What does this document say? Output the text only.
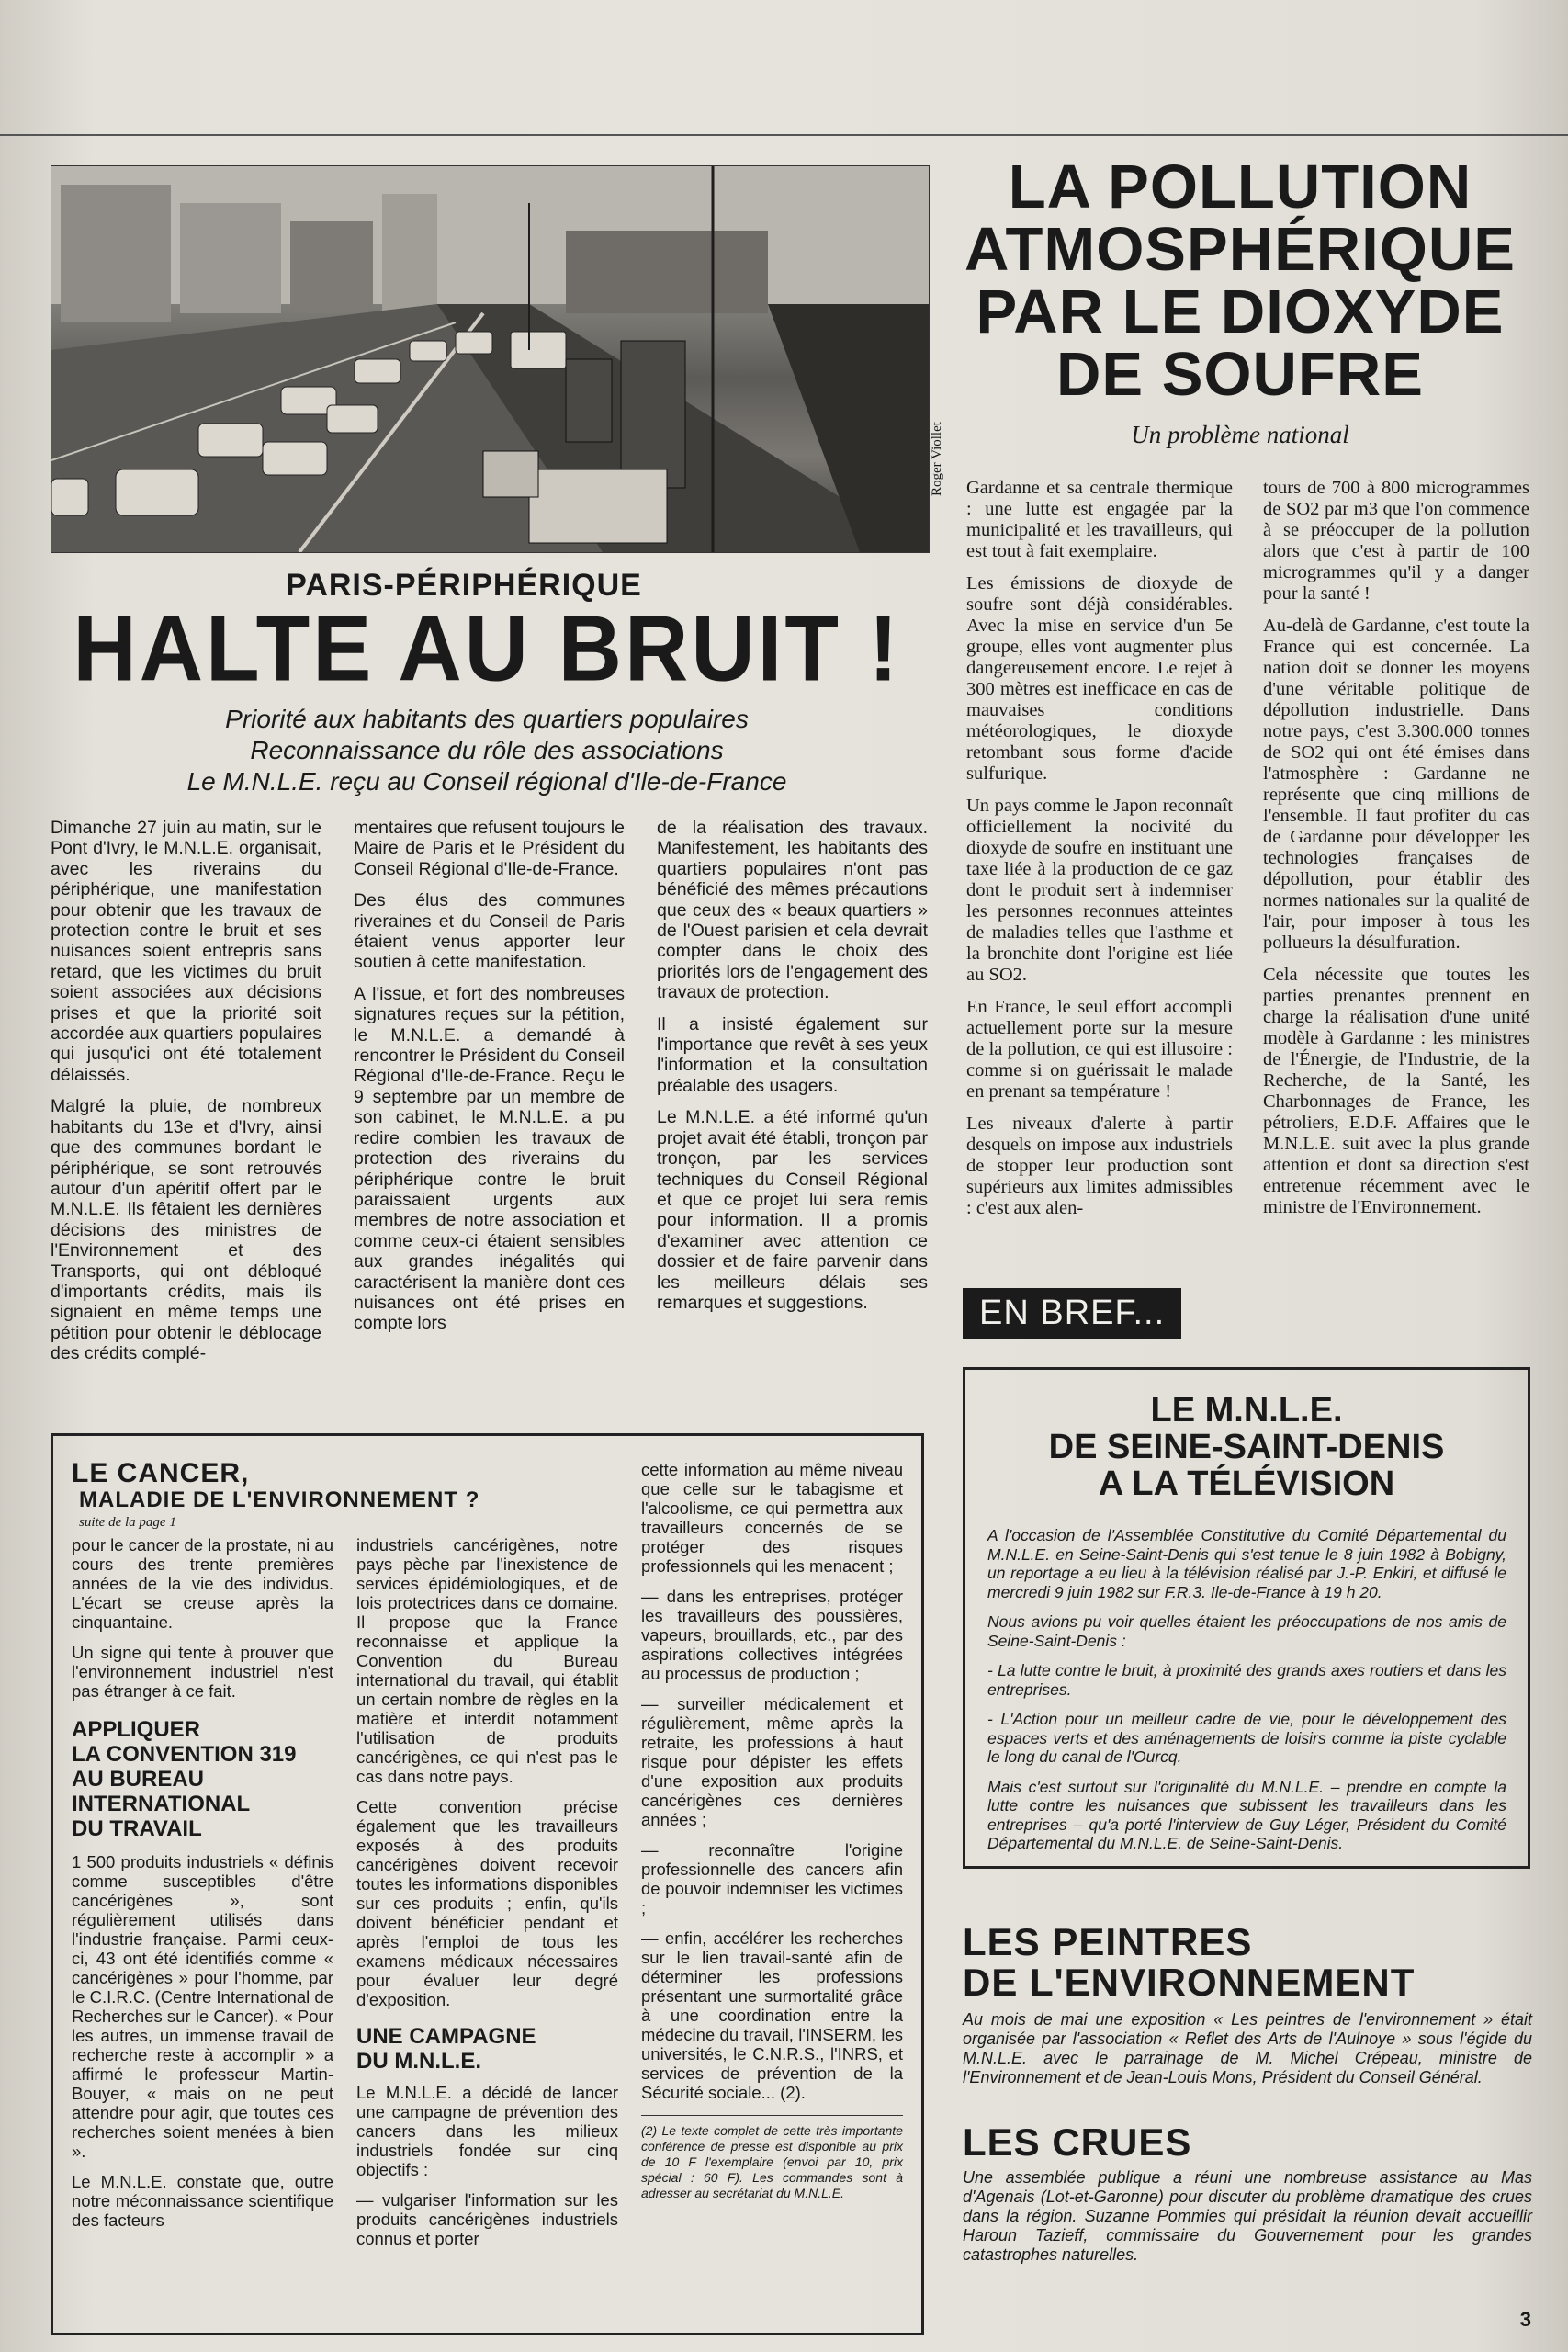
Roger Viollet
PARIS-PÉRIPHÉRIQUE
HALTE AU BRUIT !
Priorité aux habitants des quartiers populaires
Reconnaissance du rôle des associations
Le M.N.L.E. reçu au Conseil régional d'Ile-de-France

Dimanche 27 juin au matin, sur le Pont d'Ivry, le M.N.L.E. organisait, avec les riverains du périphérique, une manifestation pour obtenir que les travaux de protection contre le bruit et ses nuisances soient entrepris sans retard, que les victimes du bruit soient associées aux décisions prises et que la priorité soit accordée aux quartiers populaires qui jusqu'ici ont été totalement délaissés.

Malgré la pluie, de nombreux habitants du 13e et d'Ivry, ainsi que des communes bordant le périphérique, se sont retrouvés autour d'un apéritif offert par le M.N.L.E. Ils fêtaient les dernières décisions des ministres de l'Environnement et des Transports, qui ont débloqué d'importants crédits, mais ils signaient en même temps une pétition pour obtenir le déblocage des crédits complé-

mentaires que refusent toujours le Maire de Paris et le Président du Conseil Régional d'Ile-de-France.

Des élus des communes riveraines et du Conseil de Paris étaient venus apporter leur soutien à cette manifestation.

A l'issue, et fort des nombreuses signatures reçues sur la pétition, le M.N.L.E. a demandé à rencontrer le Président du Conseil Régional d'Ile-de-France. Reçu le 9 septembre par un membre de son cabinet, le M.N.L.E. a pu redire combien les travaux de protection des riverains du périphérique contre le bruit paraissaient urgents aux membres de notre association et comme ceux-ci étaient sensibles aux grandes inégalités qui caractérisent la manière dont ces nuisances ont été prises en compte lors

de la réalisation des travaux. Manifestement, les habitants des quartiers populaires n'ont pas bénéficié des mêmes précautions que ceux des « beaux quartiers » de l'Ouest parisien et cela devrait compter dans le choix des priorités lors de l'engagement des travaux de protection.

Il a insisté également sur l'importance que revêt à ses yeux l'information et la consultation préalable des usagers.

Le M.N.L.E. a été informé qu'un projet avait été établi, tronçon par tronçon, par les services techniques du Conseil Régional et que ce projet lui sera remis pour information. Il a promis d'examiner avec attention ce dossier et de faire parvenir dans les meilleurs délais ses remarques et suggestions.

LA POLLUTION
ATMOSPHÉRIQUE
PAR LE DIOXYDE
DE SOUFRE
Un problème national

Gardanne et sa centrale thermique : une lutte est engagée par la municipalité et les travailleurs, qui est tout à fait exemplaire.

Les émissions de dioxyde de soufre sont déjà considérables. Avec la mise en service d'un 5e groupe, elles vont augmenter plus dangereusement encore. Le rejet à 300 mètres est inefficace en cas de mauvaises conditions météorologiques, le dioxyde retombant sous forme d'acide sulfurique.

Un pays comme le Japon reconnaît officiellement la nocivité du dioxyde de soufre en instituant une taxe liée à la production de ce gaz dont le produit sert à indemniser les personnes reconnues atteintes de maladies telles que l'asthme et la bronchite dont l'origine est liée au SO2.

En France, le seul effort accompli actuellement porte sur la mesure de la pollution, ce qui est illusoire : comme si on guérissait le malade en prenant sa température !

Les niveaux d'alerte à partir desquels on impose aux industriels de stopper leur production sont supérieurs aux limites admissibles : c'est aux alen-

tours de 700 à 800 microgrammes de SO2 par m3 que l'on commence à se préoccuper de la pollution alors que c'est à partir de 100 microgrammes qu'il y a danger pour la santé !

Au-delà de Gardanne, c'est toute la France qui est concernée. La nation doit se donner les moyens d'une véritable politique de dépollution industrielle. Dans notre pays, c'est 3.300.000 tonnes de SO2 qui ont été émises dans l'atmosphère : Gardanne ne représente que cinq millions de l'ensemble. Il faut profiter du cas de Gardanne pour développer les technologies françaises de dépollution, pour établir des normes nationales sur la qualité de l'air, pour imposer à tous les pollueurs la désulfuration.

Cela nécessite que toutes les parties prenantes prennent en charge la réalisation d'une unité modèle à Gardanne : les ministres de l'Énergie, de l'Industrie, de la Recherche, de la Santé, les Charbonnages de France, les pétroliers, E.D.F. Affaires que le M.N.L.E. suit avec la plus grande attention et dont sa direction s'est entretenue récemment avec le ministre de l'Environnement.

LE CANCER,
MALADIE DE L'ENVIRONNEMENT ?
suite de la page 1

pour le cancer de la prostate, ni au cours des trente premières années de la vie des individus. L'écart se creuse après la cinquantaine.

Un signe qui tente à prouver que l'environnement industriel n'est pas étranger à ce fait.

APPLIQUER
LA CONVENTION 319
AU BUREAU
INTERNATIONAL
DU TRAVAIL

1 500 produits industriels « définis comme susceptibles d'être cancérigènes », sont régulièrement utilisés dans l'industrie française. Parmi ceux-ci, 43 ont été identifiés comme « cancérigènes » pour l'homme, par le C.I.R.C. (Centre International de Recherches sur le Cancer). « Pour les autres, un immense travail de recherche reste à accomplir » a affirmé le professeur Martin-Bouyer, « mais on ne peut attendre pour agir, que toutes ces recherches soient menées à bien ».

Le M.N.L.E. constate que, outre notre méconnaissance scientifique des facteurs

industriels cancérigènes, notre pays pèche par l'inexistence de services épidémiologiques, et de lois protectrices dans ce domaine. Il propose que la France reconnaisse et applique la Convention du Bureau international du travail, qui établit un certain nombre de règles en la matière et interdit notamment l'utilisation de produits cancérigènes, ce qui n'est pas le cas dans notre pays.

Cette convention précise également que les travailleurs exposés à des produits cancérigènes doivent recevoir toutes les informations disponibles sur ces produits ; enfin, qu'ils doivent bénéficier pendant et après l'emploi de tous les examens médicaux nécessaires pour évaluer leur degré d'exposition.

UNE CAMPAGNE
DU M.N.L.E.

Le M.N.L.E. a décidé de lancer une campagne de prévention des cancers dans les milieux industriels fondée sur cinq objectifs :

— vulgariser l'information sur les produits cancérigènes industriels connus et porter

cette information au même niveau que celle sur le tabagisme et l'alcoolisme, ce qui permettra aux travailleurs concernés de se protéger des risques professionnels qui les menacent ;

— dans les entreprises, protéger les travailleurs des poussières, vapeurs, brouillards, etc., par des aspirations collectives intégrées au processus de production ;

— surveiller médicalement et régulièrement, même après la retraite, les professions à haut risque pour dépister les effets d'une exposition aux produits cancérigènes ces dernières années ;

— reconnaître l'origine professionnelle des cancers afin de pouvoir indemniser les victimes ;

— enfin, accélérer les recherches sur le lien travail-santé afin de déterminer les professions présentant une surmortalité grâce à une coordination entre la médecine du travail, l'INSERM, les universités, le C.N.R.S., l'INRS, et services de prévention de la Sécurité sociale... (2).

(2) Le texte complet de cette très importante conférence de presse est disponible au prix de 10 F l'exemplaire (envoi par 10, prix spécial : 60 F). Les commandes sont à adresser au secrétariat du M.N.L.E.
EN BREF...
LE M.N.L.E.
DE SEINE-SAINT-DENIS
A LA TÉLÉVISION

A l'occasion de l'Assemblée Constitutive du Comité Départemental du M.N.L.E. en Seine-Saint-Denis qui s'est tenue le 8 juin 1982 à Bobigny, un reportage a eu lieu à la télévision réalisé par J.-P. Enkiri, et diffusé le mercredi 9 juin 1982 sur F.R.3. Ile-de-France à 19 h 20.

Nous avions pu voir quelles étaient les préoccupations de nos amis de Seine-Saint-Denis :

- La lutte contre le bruit, à proximité des grands axes routiers et dans les entreprises.

- L'Action pour un meilleur cadre de vie, pour le développement des espaces verts et des aménagements de loisirs comme la piste cyclable le long du canal de l'Ourcq.

Mais c'est surtout sur l'originalité du M.N.L.E. – prendre en compte la lutte contre les nuisances que subissent les travailleurs dans les entreprises – qu'a porté l'interview de Guy Léger, Président du Comité Départemental du M.N.L.E. de Seine-Saint-Denis.

LES PEINTRES
DE L'ENVIRONNEMENT
Au mois de mai une exposition « Les peintres de l'environnement » était organisée par l'association « Reflet des Arts de l'Aulnoye » sous l'égide du M.N.L.E. avec le parrainage de M. Michel Crépeau, ministre de l'Environnement et de Jean-Louis Mons, Président du Conseil Général.
LES CRUES
Une assemblée publique a réuni une nombreuse assistance au Mas d'Agenais (Lot-et-Garonne) pour discuter du problème dramatique des crues dans la région. Suzanne Pommies qui présidait la réunion devait accueillir Haroun Tazieff, commissaire du Gouvernement pour les grandes catastrophes naturelles.
3
